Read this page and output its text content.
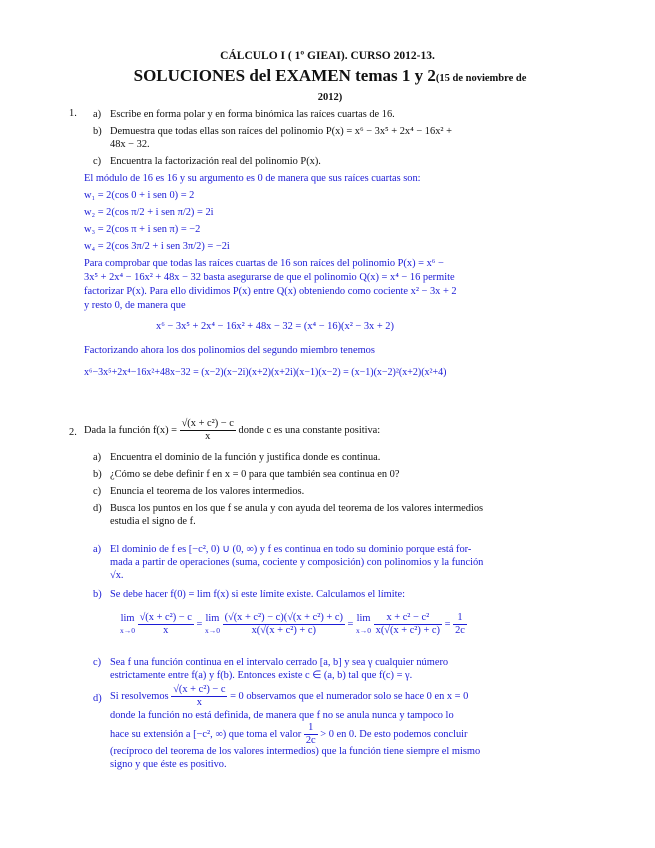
CÁLCULO I ( 1º GIEAI). CURSO 2012-13.
SOLUCIONES del EXAMEN temas 1 y 2(15 de noviembre de
2012)
1. a) Escribe en forma polar y en forma binómica las raíces cuartas de 16.
b) Demuestra que todas ellas son raíces del polinomio P(x) = x⁶ − 3x⁵ + 2x⁴ − 16x² +
48x − 32.
c) Encuentra la factorización real del polinomio P(x).
El módulo de 16 es 16 y su argumento es 0 de manera que sus raíces cuartas son:
w₁ = 2(cos 0 + i sen 0) = 2
w₂ = 2(cos π/2 + i sen π/2) = 2i
w₃ = 2(cos π + i sen π) = −2
w₄ = 2(cos 3π/2 + i sen 3π/2) = −2i
Para comprobar que todas las raíces cuartas de 16 son raíces del polinomio P(x) = x⁶ −
3x⁵ + 2x⁴ − 16x² + 48x − 32 basta asegurarse de que el polinomio Q(x) = x⁴ − 16 permite
factorizar P(x). Para ello dividimos P(x) entre Q(x) obteniendo como cociente x² − 3x + 2
y resto 0, de manera que
x⁶ − 3x⁵ + 2x⁴ − 16x² + 48x − 32 = (x⁴ − 16)(x² − 3x + 2)
Factorizando ahora los dos polinomios del segundo miembro tenemos
x⁶−3x⁵+2x⁴−16x²+48x−32 = (x−2)(x−2i)(x+2)(x+2i)(x−1)(x−2) = (x−1)(x−2)²(x+2)(x²+4)
2. Dada la función $f(x) = \frac{\text{√(x + c²) − c}}{x}$ donde c es una constante positiva:
a) Encuentra el dominio de la función y justifica donde es continua.
b) ¿Cómo se debe definir f en x = 0 para que también sea continua en 0?
c) Enuncia el teorema de los valores intermedios.
d) Busca los puntos en los que f se anula y con ayuda del teorema de los valores intermedios
estudia el signo de f.
a) El dominio de f es [−c², 0) ∪ (0, ∞) y f es continua en todo su dominio porque está for-
mada a partir de operaciones (suma, cociente y composición) con polinomios y la función
√x.
b) Se debe hacer f(0) = lim f(x) si este límite existe. Calculamos el límite:
lim
x→0
$\frac{\text{√(x + c²) − c}}{x} = \lim$
x→0
$\frac{\text{(√(x + c²) − c)(√(x + c²) + c)}}{\text{x(√(x + c²) + c)}} = \lim$
x→0
$\frac{\text{x + c² − c²}}{\text{x(√(x + c²) + c)}} = \frac{1}{2c}$
c) Sea f una función continua en el intervalo cerrado [a, b] y sea γ cualquier número
estrictamente entre f(a) y f(b). Entonces existe c ∈ (a, b) tal que f(c) = γ.
d) Si resolvemos $\frac{\text{√(x + c²) − c}}{x} = 0$ observamos que el numerador solo se hace 0 en x = 0
donde la función no está definida, de manera que f no se anula nunca y tampoco lo
hace su extensión a [−c², ∞) que toma el valor $\frac{1}{2c} > 0$ en 0. De esto podemos concluir
(recíproco del teorema de los valores intermedios) que la función tiene siempre el mismo
signo y que éste es positivo.
